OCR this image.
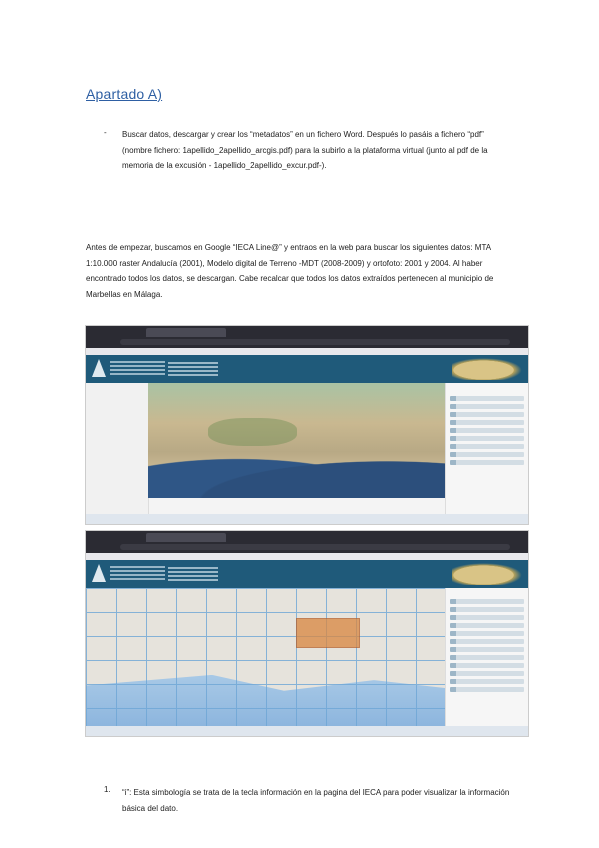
Apartado A)
- Buscar datos, descargar y crear los “metadatos” en un fichero Word. Después lo pasáis a fichero “pdf” (nombre fichero: 1apellido_2apellido_arcgis.pdf) para la subirlo a la plataforma virtual (junto al pdf de la memoria de la excusión - 1apellido_2apellido_excur.pdf-).
Antes de empezar, buscamos en Google “IECA Line@” y entraos en la web para buscar los siguientes datos: MTA 1:10.000 raster Andalucía (2001), Modelo digital de Terreno -MDT (2008-2009) y ortofoto: 2001 y 2004. Al haber encontrado todos los datos, se descargan. Cabe recalcar que todos los datos extraídos pertenecen al municipio de Marbellas en Málaga.
1. “i”: Esta simbología se trata de la tecla información en la pagina del IECA para poder visualizar la información básica del dato.
